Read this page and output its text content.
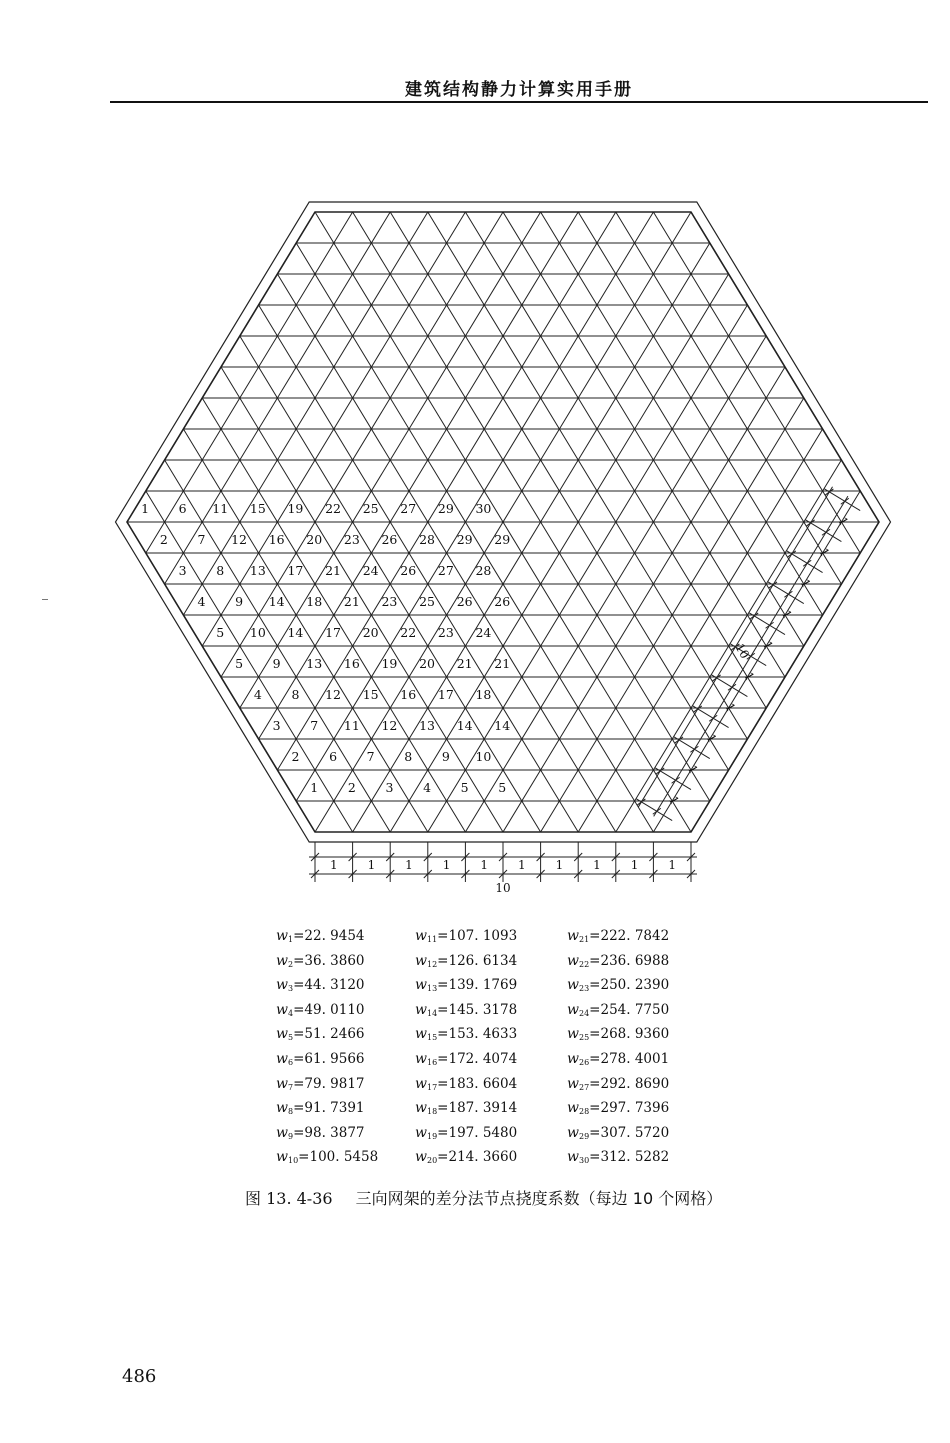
建筑结构静力计算实用手册
1 6 11 15 19 22 25 27 29 30
2 7 12 16 20 23 26 28 29 29
3 8 13 17 21 24 26 27 28
4 9 14 18 21 23 25 26 26
5 10 14 17 20 22 23 24
5 9 13 16 19 20 21 21
4 8 12 15 16 17 18
3 7 11 12 13 14 14
2 6 7 8 9 10
1 2 3 4 5 5
1 1 1 1 1 1 1 1 1 1
10
1
1
1
1
1
1
1
1
1
1
10
$w_1=22$. 9454
$w_2=36$. 3860
$w_3=44$. 3120
$w_4=49$. 0110
$w_5=51$. 2466
$w_6=61$. 9566
$w_7=79$. 9817
$w_8=91$. 7391
$w_9=98$. 3877
$w_{10}=100$. 5458
$w_{11}=107$. 1093
$w_{12}=126$. 6134
$w_{13}=139$. 1769
$w_{14}=145$. 3178
$w_{15}=153$. 4633
$w_{16}=172$. 4074
$w_{17}=183$. 6604
$w_{18}=187$. 3914
$w_{19}=197$. 5480
$w_{20}=214$. 3660
$w_{21}=222$. 7842
$w_{22}=236$. 6988
$w_{23}=250$. 2390
$w_{24}=254$. 7750
$w_{25}=268$. 9360
$w_{26}=278$. 4001
$w_{27}=292$. 8690
$w_{28}=297$. 7396
$w_{29}=307$. 5720
$w_{30}=312$. 5282
图 13. 4-36 三向网架的差分法节点挠度系数（每边 10 个网格）
486
